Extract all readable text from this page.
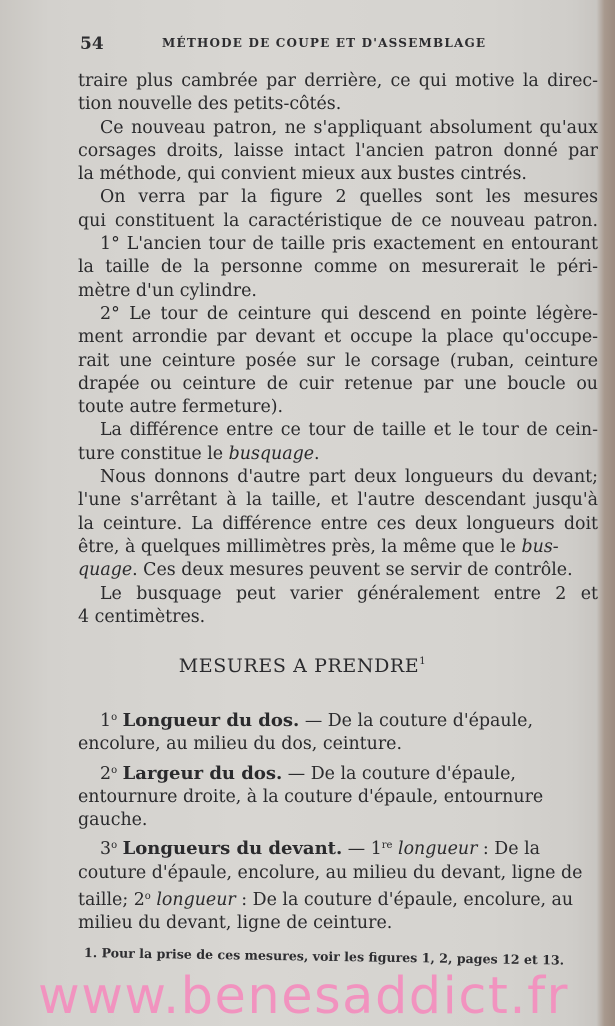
54	MÉTHODE DE COUPE ET D'ASSEMBLAGE
traire plus cambrée par derrière, ce qui motive la direc-
tion nouvelle des petits-côtés.
Ce nouveau patron, ne s'appliquant absolument qu'aux
corsages droits, laisse intact l'ancien patron donné par
la méthode, qui convient mieux aux bustes cintrés.
On verra par la figure 2 quelles sont les mesures
qui constituent la caractéristique de ce nouveau patron.
1° L'ancien tour de taille pris exactement en entourant
la taille de la personne comme on mesurerait le péri-
mètre d'un cylindre.
2° Le tour de ceinture qui descend en pointe légère-
ment arrondie par devant et occupe la place qu'occupe-
rait une ceinture posée sur le corsage (ruban, ceinture
drapée ou ceinture de cuir retenue par une boucle ou
toute autre fermeture).
La différence entre ce tour de taille et le tour de cein-
ture constitue le busquage.
Nous donnons d'autre part deux longueurs du devant;
l'une s'arrêtant à la taille, et l'autre descendant jusqu'à
la ceinture. La différence entre ces deux longueurs doit
être, à quelques millimètres près, la même que le bus-
quage. Ces deux mesures peuvent se servir de contrôle.
Le busquage peut varier généralement entre 2 et
4 centimètres.
MESURES A PRENDRE$^1$
1$^o$ Longueur du dos. — De la couture d'épaule, encolure, au milieu du dos, ceinture.
2$^o$ Largeur du dos. — De la couture d'épaule, entournure droite, à la couture d'épaule, entournure gauche.
3$^o$ Longueurs du devant. — 1re longueur : De la couture d'épaule, encolure, au milieu du devant, ligne de taille; 2$^o$ longueur : De la couture d'épaule, encolure, au milieu du devant, ligne de ceinture.
1. Pour la prise de ces mesures, voir les figures 1, 2, pages 12 et 13.
www.benesaddict.fr
